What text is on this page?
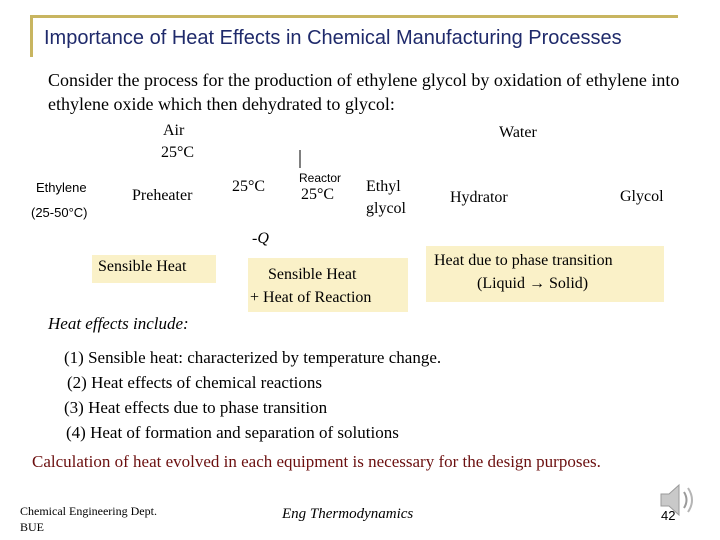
Importance of Heat Effects in Chemical Manufacturing Processes
Consider the process for the production of ethylene glycol by oxidation of ethylene into ethylene oxide which then dehydrated to glycol:
Air
25°C
Water
Ethylene
(25-50°C)
Preheater
25°C	Reactor
25°C Ethyl
glycol
Hydrator	Glycol
-Q
Sensible Heat	Sensible Heat
+ Heat of Reaction
Heat due to phase transition
(Liquid → Solid)
Heat effects include:
(1) Sensible heat: characterized by temperature change.
(2) Heat effects of chemical reactions
(3) Heat effects due to phase transition
(4) Heat of formation and separation of solutions
Calculation of heat evolved in each equipment is necessary for the design purposes.
Chemical Engineering Dept.
BUE
Eng Thermodynamics	42
